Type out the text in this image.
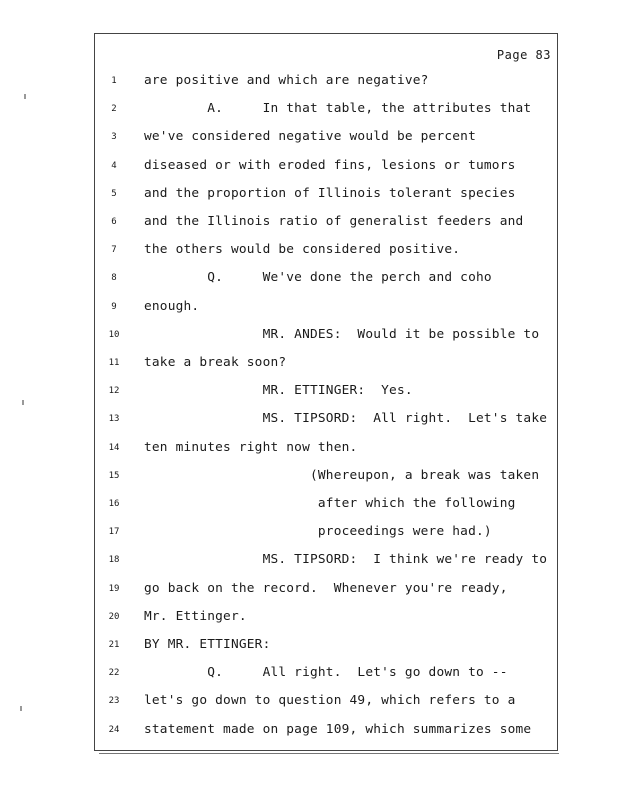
Page 83
1	are positive and which are negative?
2	A.     In that table, the attributes that
3	we've considered negative would be percent
4	diseased or with eroded fins, lesions or tumors
5	and the proportion of Illinois tolerant species
6	and the Illinois ratio of generalist feeders and
7	the others would be considered positive.
8	Q.     We've done the perch and coho
9	enough.
10	MR. ANDES:  Would it be possible to
11	take a break soon?
12	MR. ETTINGER:  Yes.
13	MS. TIPSORD:  All right.  Let's take
14	ten minutes right now then.
15	(Whereupon, a break was taken
16	after which the following
17	proceedings were had.)
18	MS. TIPSORD:  I think we're ready to
19	go back on the record.  Whenever you're ready,
20	Mr. Ettinger.
21	BY MR. ETTINGER:
22	Q.     All right.  Let's go down to --
23	let's go down to question 49, which refers to a
24	statement made on page 109, which summarizes some
